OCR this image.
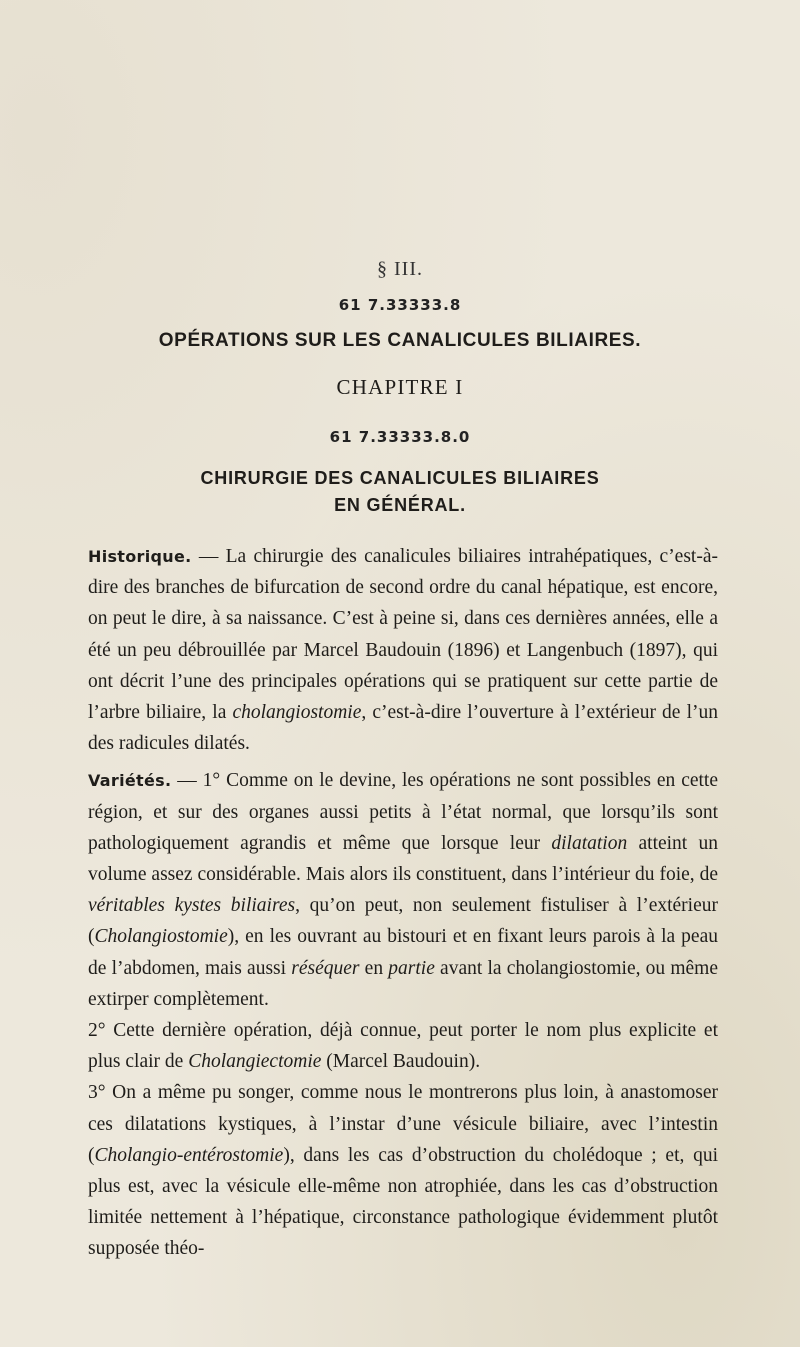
§ III.
61 7.33333.8
OPÉRATIONS SUR LES CANALICULES BILIAIRES.
CHAPITRE I
61 7.33333.8.0
CHIRURGIE DES CANALICULES BILIAIRES
EN GÉNÉRAL.

Historique. — La chirurgie des canalicules biliaires intrahépatiques, c’est-à-dire des branches de bifurcation de second ordre du canal hépatique, est encore, on peut le dire, à sa naissance. C’est à peine si, dans ces dernières années, elle a été un peu débrouillée par Marcel Baudouin (1896) et Langenbuch (1897), qui ont décrit l’une des principales opérations qui se pratiquent sur cette partie de l’arbre biliaire, la cholangiostomie, c’est-à-dire l’ouverture à l’extérieur de l’un des radicules dilatés.

Variétés. — 1° Comme on le devine, les opérations ne sont possibles en cette région, et sur des organes aussi petits à l’état normal, que lorsqu’ils sont pathologiquement agrandis et même que lorsque leur dilatation atteint un volume assez considérable. Mais alors ils constituent, dans l’intérieur du foie, de véritables kystes biliaires, qu’on peut, non seulement fistuliser à l’extérieur (Cholangiostomie), en les ouvrant au bistouri et en fixant leurs parois à la peau de l’abdomen, mais aussi réséquer en partie avant la cholangiostomie, ou même extirper complètement.

2° Cette dernière opération, déjà connue, peut porter le nom plus explicite et plus clair de Cholangiectomie (Marcel Baudouin).

3° On a même pu songer, comme nous le montrerons plus loin, à anastomoser ces dilatations kystiques, à l’instar d’une vésicule biliaire, avec l’intestin (Cholangio-entérostomie), dans les cas d’obstruction du cholédoque ; et, qui plus est, avec la vésicule elle-même non atrophiée, dans les cas d’obstruction limitée nettement à l’hépatique, circonstance pathologique évidemment plutôt supposée théo-
